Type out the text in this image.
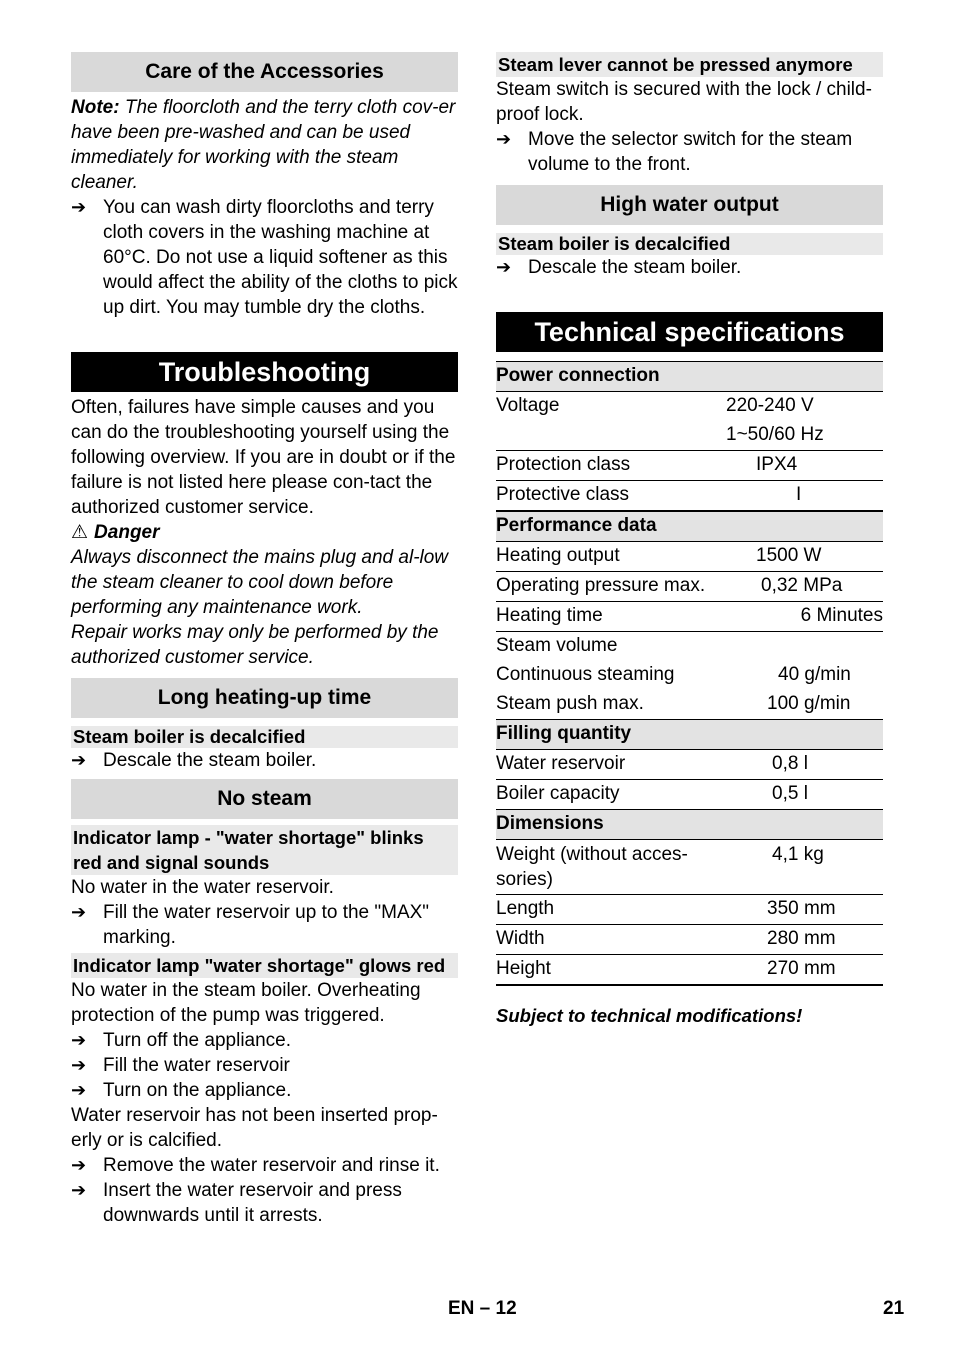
Care of the Accessories

Note: The floorcloth and the terry cloth cov-er have been pre-washed and can be used immediately for working with the steam cleaner.

➔ You can wash dirty floorcloths and terry cloth covers in the washing machine at 60°C. Do not use a liquid softener as this would affect the ability of the cloths to pick up dirt. You may tumble dry the cloths.
Troubleshooting

Often, failures have simple causes and you can do the troubleshooting yourself using the following overview. If you are in doubt or if the failure is not listed here please con-tact the authorized customer service.

⚠ Danger

Always disconnect the mains plug and al-low the steam cleaner to cool down before performing any maintenance work.

Repair works may only be performed by the authorized customer service.

Long heating-up time
Steam boiler is decalcified
➔ Descale the steam boiler.
No steam
Indicator lamp - "water shortage" blinks red and signal sounds

No water in the water reservoir.

➔ Fill the water reservoir up to the "MAX" marking.
Indicator lamp "water shortage" glows red

No water in the steam boiler. Overheating protection of the pump was triggered.

➔ Turn off the appliance.
➔ Fill the water reservoir
➔ Turn on the appliance.

Water reservoir has not been inserted prop-erly or is calcified.

➔ Remove the water reservoir and rinse it.
➔ Insert the water reservoir and press downwards until it arrests.
Steam lever cannot be pressed anymore

Steam switch is secured with the lock / child-proof lock.

➔ Move the selector switch for the steam volume to the front.
High water output
Steam boiler is decalcified
➔ Descale the steam boiler.
Technical specifications
Power connection	
Voltage	220-240 V
	1~50/60 Hz
Protection class	IPX4
Protective class	I
Performance data	
Heating output	1500 W
Operating pressure max.	0,32 MPa
Heating time	6 Minutes
Steam volume	
Continuous steaming	40 g/min
Steam push max.	100 g/min
Filling quantity	
Water reservoir	0,8 l
Boiler capacity	0,5 l
Dimensions	
Weight (without acces-sories)	4,1 kg
Length	350 mm
Width	280 mm
Height	270 mm

Subject to technical modifications!

EN – 12	21
